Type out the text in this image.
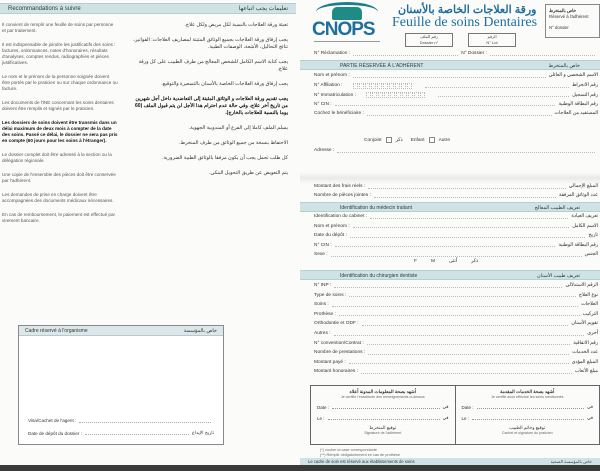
Recommandations à suivre	تعليمات يجب اتباعها
Il convient de remplir une feuille de soins par personne et par traitement.
Il est indispensable de joindre les justificatifs des soins : factures, ordonnances, notes d'honoraires, résultats d'analyses, comptes rendus, radiographies et pièces justificatives.
Le nom et le prénom de la personne soignée doivent être portés par le praticien ou sur chaque ordonnance ou facture.
Les documents de l'INE concernant les soins dentaires doivent être remplis et signés par le praticien.
Les dossiers de soins doivent être transmis dans un délai maximum de deux mois à compter de la date des soins. Passé ce délai, le dossier ne sera pas pris en compte (60 jours pour les soins à l'étranger).
Le dossier complet doit être adressé à la section ou la délégation régionale.
Une copie de l'ensemble des pièces doit être conservée par l'adhérent.
Les demandes de prise en charge doivent être accompagnées des documents médicaux nécessaires.
En cas de remboursement, le paiement est effectué par virement bancaire.
تعبئة ورقة العلاجات بالنسبة لكل مريض ولكل علاج.
يجب إرفاق ورقة العلاجات بجميع الوثائق المثبتة لمصاريف العلاجات: الفواتير، نتائج التحاليل، الأشعة، الوصفات الطبية.
يجب كتابة الاسم الكامل للشخص المعالج من طرف الطبيب على كل ورقة علاج.
يجب إرفاق ورقة العلاجات الخاصة بالأسنان بالتسعيرة والتوقيع.
يجب تقديم ورقة العلاجات و الوثائق المثبتة إلى التعاضدية داخل أجل شهرين من تاريخ آخر علاج، وفي حالة عدم احترام هذا الأجل لن يتم قبول الملف (60 يوما بالنسبة للعلاجات بالخارج).
يسلم الملف كاملا إلى الفرع أو المندوبية الجهوية.
الاحتفاظ بنسخة من جميع الوثائق من طرف المنخرط.
كل طلب تحمل يجب أن يكون مرفقا بالوثائق الطبية الضرورية.
يتم التعويض عن طريق التحويل البنكي.
Cadre réservé à l'organisme	خاص بالمؤسسة
Visa/Cachet de l'agent :
Date de dépôt du dossier :	تاريخ الإيداع
CNOPS
ورقة العلاجات الخاصة بالأسنان
Feuille de soins Dentaires
رقم الملف
Dossier n°
الرقم
N° Lot
خاص بالمنخرط
Réservé à l'adhérent
N° dossier
N° Réclamation :	N° Dossier :
PARTIE RÉSERVÉE À L'ADHÉRENT	خاص بالمنخرط
Nom et prénom :	الاسم الشخصي و العائلي
N° Affiliation :	رقم الانخراط
N° Immatriculation :	رقم التسجيل
N° CIN :	رقم البطاقة الوطنية
Cochez le bénéficiaire :	المستفيد من العلاجات
Conjoint	ذكر Enfant	Autre
Adresse :
Montant des frais réels :	المبلغ الإجمالي
Nombre de pièces jointes :	عدد الوثائق المرفقة
Identification du médecin traitant	تعريف الطبيب المعالج
Identification du cabinet :	تعريف العيادة
Nom et prénom :	الاسم الكامل
Date du dépôt :	تاريخ
N° CIN :	رقم البطاقة الوطنية
Sexe :	الجنس
F	M	أنثى	ذكر
Identification du chirurgien dentiste	تعريف طبيب الأسنان
N° INP :	الرقم الاستدلالي
Type de soins :	نوع العلاج
Soins :	العلاجات
Prothèse :	التركيب
Orthodontie et ODF :	تقويم الأسنان
Autres :	أخرى
N° convention/Contrat :	رقم الاتفاقية
Nombre de prestations :	عدد الخدمات
Montant payé :	المبلغ المؤدى
Montant honoraires :	مبلغ الأتعاب
أشهد بصحة المعلومات المدونة أعلاه
Je certifie l'exactitude des renseignements ci-dessus
Date :	في
Le :	في
توقيع المنخرط
Signature de l'adhérent
أشهد بصحة الخدمات المقدمة
Je certifie avoir effectué les soins mentionnés
Date :	في
Le :	في
توقيع وخاتم الطبيب
Cachet et signature du praticien
(*) cocher la case correspondante
(**) Remplir obligatoirement en cas de prothèse
Le cadre de soin est réservé aux établissements de soins	خاص بالمؤسسة الصحية
